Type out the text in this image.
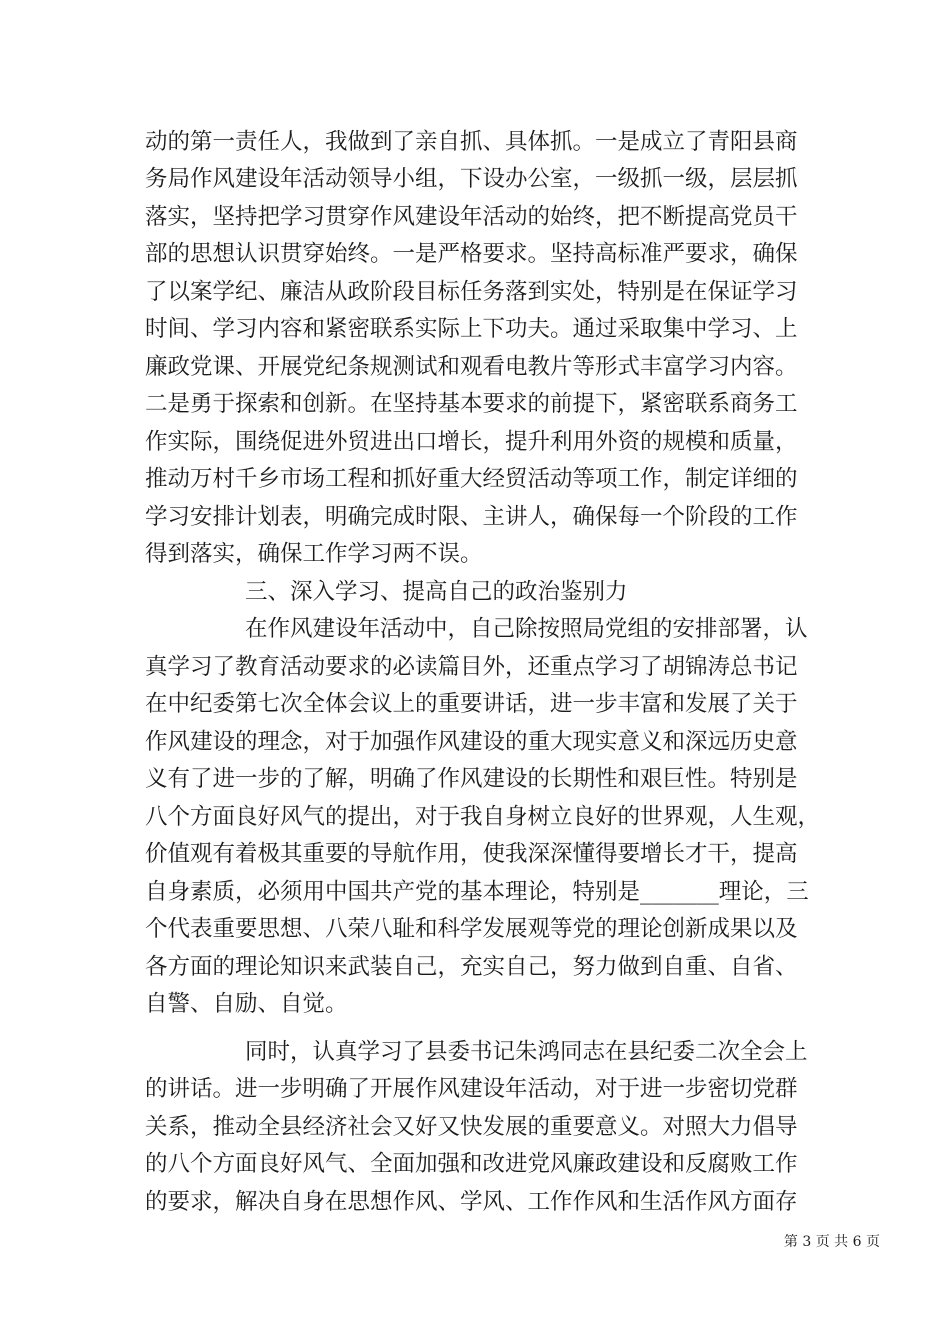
动的第一责任人，我做到了亲自抓、具体抓。一是成立了青阳县商
务局作风建设年活动领导小组，下设办公室，一级抓一级，层层抓
落实，坚持把学习贯穿作风建设年活动的始终，把不断提高党员干
部的思想认识贯穿始终。一是严格要求。坚持高标准严要求，确保
了以案学纪、廉洁从政阶段目标任务落到实处，特别是在保证学习
时间、学习内容和紧密联系实际上下功夫。通过采取集中学习、上
廉政党课、开展党纪条规测试和观看电教片等形式丰富学习内容。
二是勇于探索和创新。在坚持基本要求的前提下，紧密联系商务工
作实际，围绕促进外贸进出口增长，提升利用外资的规模和质量，
推动万村千乡市场工程和抓好重大经贸活动等项工作，制定详细的
学习安排计划表，明确完成时限、主讲人，确保每一个阶段的工作
得到落实，确保工作学习两不误。
三、深入学习、提高自己的政治鉴别力
在作风建设年活动中，自己除按照局党组的安排部署，认
真学习了教育活动要求的必读篇目外，还重点学习了胡锦涛总书记
在中纪委第七次全体会议上的重要讲话，进一步丰富和发展了关于
作风建设的理念，对于加强作风建设的重大现实意义和深远历史意
义有了进一步的了解，明确了作风建设的长期性和艰巨性。特别是
八个方面良好风气的提出，对于我自身树立良好的世界观，人生观，
价值观有着极其重要的导航作用，使我深深懂得要增长才干，提高
自身素质，必须用中国共产党的基本理论，特别是_______理论，三
个代表重要思想、八荣八耻和科学发展观等党的理论创新成果以及
各方面的理论知识来武装自己，充实自己，努力做到自重、自省、
自警、自励、自觉。
同时，认真学习了县委书记朱鸿同志在县纪委二次全会上
的讲话。进一步明确了开展作风建设年活动，对于进一步密切党群
关系，推动全县经济社会又好又快发展的重要意义。对照大力倡导
的八个方面良好风气、全面加强和改进党风廉政建设和反腐败工作
的要求，解决自身在思想作风、学风、工作作风和生活作风方面存
第 3 页 共 6 页
